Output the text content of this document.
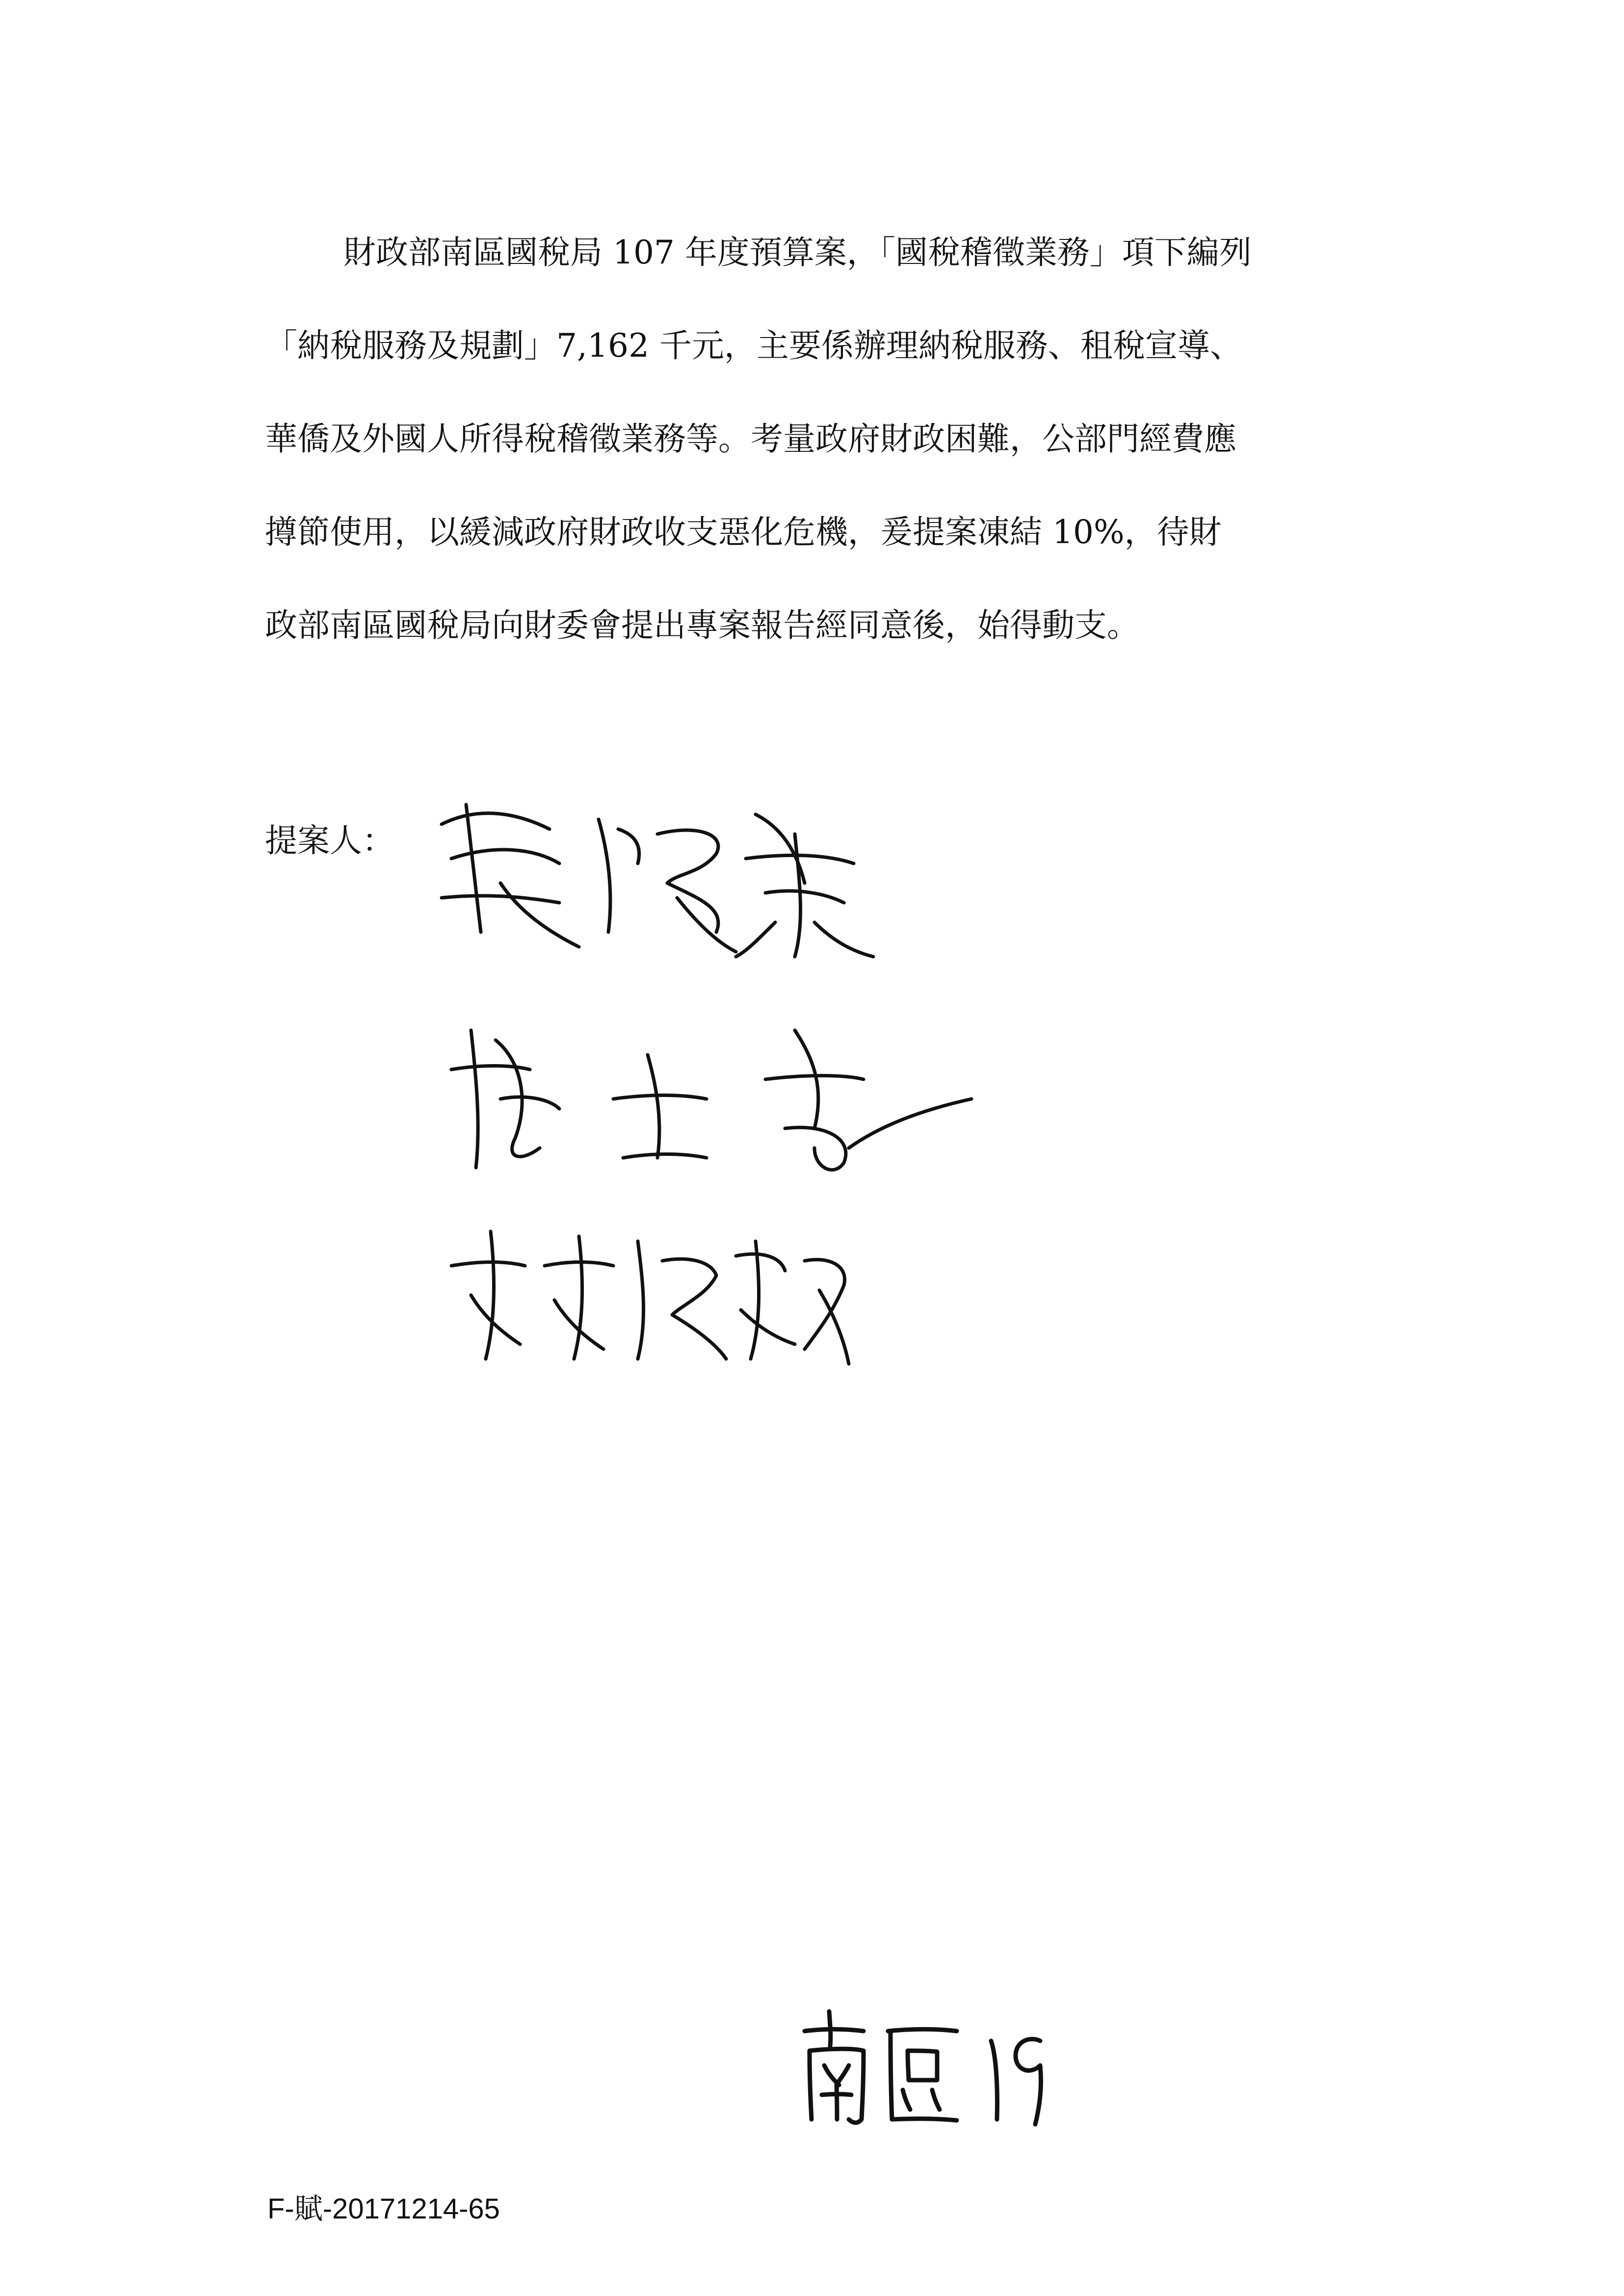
財政部南區國稅局 107 年度預算案，「國稅稽徵業務」項下編列
「納稅服務及規劃」7,162 千元，主要係辦理納稅服務、租稅宣導、
華僑及外國人所得稅稽徵業務等。考量政府財政困難，公部門經費應
撙節使用，以緩減政府財政收支惡化危機，爰提案凍結 10%，待財
政部南區國稅局向財委會提出專案報告經同意後，始得動支。
提案人：
F-賦-20171214-65
